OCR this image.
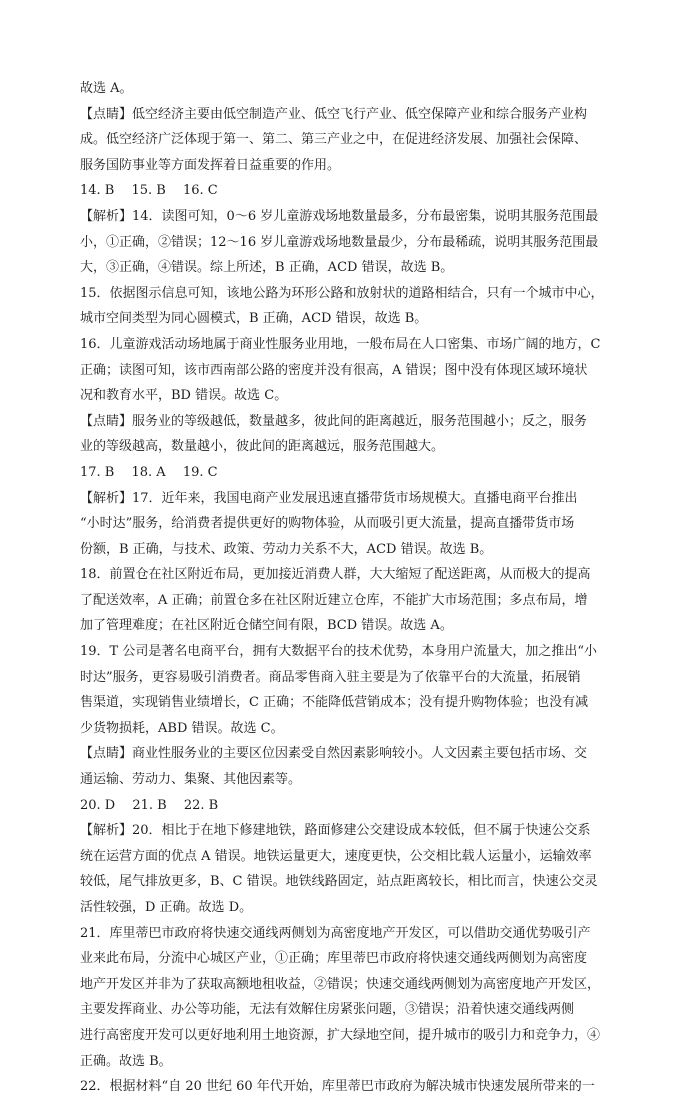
故选 A。
【点睛】低空经济主要由低空制造产业、低空飞行产业、低空保障产业和综合服务产业构
成。低空经济广泛体现于第一、第二、第三产业之中，在促进经济发展、加强社会保障、
服务国防事业等方面发挥着日益重要的作用。
14. B　 15. B　 16. C
【解析】14．读图可知，0～6 岁儿童游戏场地数量最多，分布最密集，说明其服务范围最
小，①正确，②错误；12～16 岁儿童游戏场地数量最少，分布最稀疏，说明其服务范围最
大，③正确，④错误。综上所述，B 正确，ACD 错误，故选 B。
15．依据图示信息可知，该地公路为环形公路和放射状的道路相结合，只有一个城市中心，
城市空间类型为同心圆模式，B 正确，ACD 错误，故选 B。
16．儿童游戏活动场地属于商业性服务业用地，一般布局在人口密集、市场广阔的地方，C
正确；读图可知，该市西南部公路的密度并没有很高，A 错误；图中没有体现区域环境状
况和教育水平，BD 错误。故选 C。
【点睛】服务业的等级越低，数量越多，彼此间的距离越近，服务范围越小；反之，服务
业的等级越高，数量越小，彼此间的距离越远，服务范围越大。
17. B　 18. A　 19. C
【解析】17．近年来，我国电商产业发展迅速直播带货市场规模大。直播电商平台推出
“小时达”服务，给消费者提供更好的购物体验，从而吸引更大流量，提高直播带货市场
份额，B 正确，与技术、政策、劳动力关系不大，ACD 错误。故选 B。
18．前置仓在社区附近布局，更加接近消费人群，大大缩短了配送距离，从而极大的提高
了配送效率，A 正确；前置仓多在社区附近建立仓库，不能扩大市场范围；多点布局，增
加了管理难度；在社区附近仓储空间有限，BCD 错误。故选 A。
19．T 公司是著名电商平台，拥有大数据平台的技术优势，本身用户流量大，加之推出“小
时达”服务，更容易吸引消费者。商品零售商入驻主要是为了依靠平台的大流量，拓展销
售渠道，实现销售业绩增长，C 正确；不能降低营销成本；没有提升购物体验；也没有减
少货物损耗，ABD 错误。故选 C。
【点睛】商业性服务业的主要区位因素受自然因素影响较小。人文因素主要包括市场、交
通运输、劳动力、集聚、其他因素等。
20. D　 21. B　 22. B
【解析】20．相比于在地下修建地铁，路面修建公交建设成本较低，但不属于快速公交系
统在运营方面的优点 A 错误。地铁运量更大，速度更快，公交相比载人运量小，运输效率
较低，尾气排放更多，B、C 错误。地铁线路固定，站点距离较长，相比而言，快速公交灵
活性较强，D 正确。故选 D。
21．库里蒂巴市政府将快速交通线两侧划为高密度地产开发区，可以借助交通优势吸引产
业来此布局，分流中心城区产业，①正确；库里蒂巴市政府将快速交通线两侧划为高密度
地产开发区并非为了获取高额地租收益，②错误；快速交通线两侧划为高密度地产开发区，
主要发挥商业、办公等功能，无法有效解住房紧张问题，③错误；沿着快速交通线两侧
进行高密度开发可以更好地利用土地资源，扩大绿地空间，提升城市的吸引力和竞争力，④
正确。故选 B。
22．根据材料“自 20 世纪 60 年代开始，库里蒂巴市政府为解决城市快速发展所带来的一
